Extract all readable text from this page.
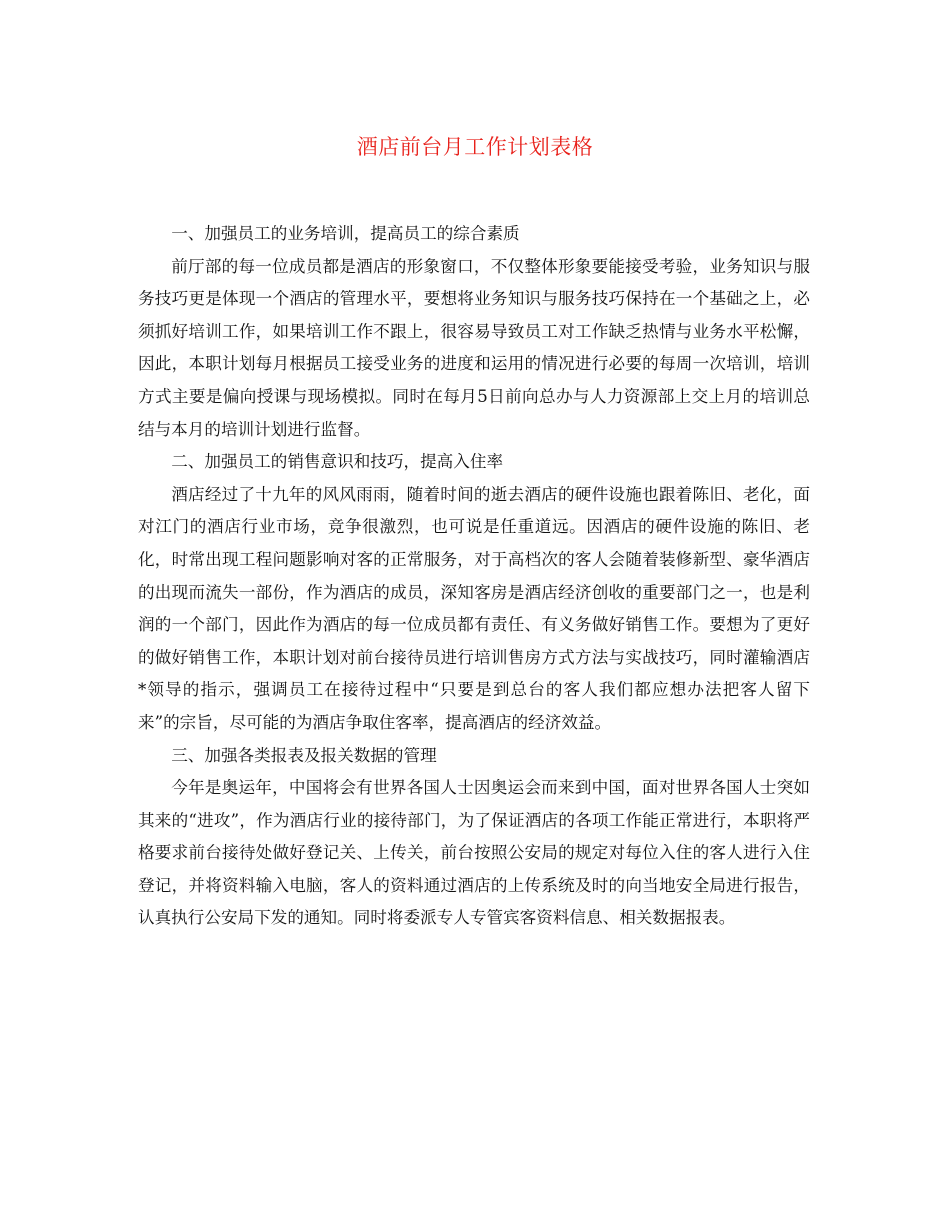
酒店前台月工作计划表格

一、加强员工的业务培训，提高员工的综合素质

前厅部的每一位成员都是酒店的形象窗口，不仅整体形象要能接受考验，业务知识与服务技巧更是体现一个酒店的管理水平，要想将业务知识与服务技巧保持在一个基础之上，必须抓好培训工作，如果培训工作不跟上，很容易导致员工对工作缺乏热情与业务水平松懈，因此，本职计划每月根据员工接受业务的进度和运用的情况进行必要的每周一次培训，培训方式主要是偏向授课与现场模拟。同时在每月5日前向总办与人力资源部上交上月的培训总结与本月的培训计划进行监督。

二、加强员工的销售意识和技巧，提高入住率

酒店经过了十九年的风风雨雨，随着时间的逝去酒店的硬件设施也跟着陈旧、老化，面对江门的酒店行业市场，竞争很激烈，也可说是任重道远。因酒店的硬件设施的陈旧、老化，时常出现工程问题影响对客的正常服务，对于高档次的客人会随着装修新型、豪华酒店的出现而流失一部份，作为酒店的成员，深知客房是酒店经济创收的重要部门之一，也是利润的一个部门，因此作为酒店的每一位成员都有责任、有义务做好销售工作。要想为了更好的做好销售工作，本职计划对前台接待员进行培训售房方式方法与实战技巧，同时灌输酒店*领导的指示，强调员工在接待过程中“只要是到总台的客人我们都应想办法把客人留下来”的宗旨，尽可能的为酒店争取住客率，提高酒店的经济效益。

三、加强各类报表及报关数据的管理

今年是奥运年，中国将会有世界各国人士因奥运会而来到中国，面对世界各国人士突如其来的“进攻”，作为酒店行业的接待部门，为了保证酒店的各项工作能正常进行，本职将严格要求前台接待处做好登记关、上传关，前台按照公安局的规定对每位入住的客人进行入住登记，并将资料输入电脑，客人的资料通过酒店的上传系统及时的向当地安全局进行报告，认真执行公安局下发的通知。同时将委派专人专管宾客资料信息、相关数据报表。
